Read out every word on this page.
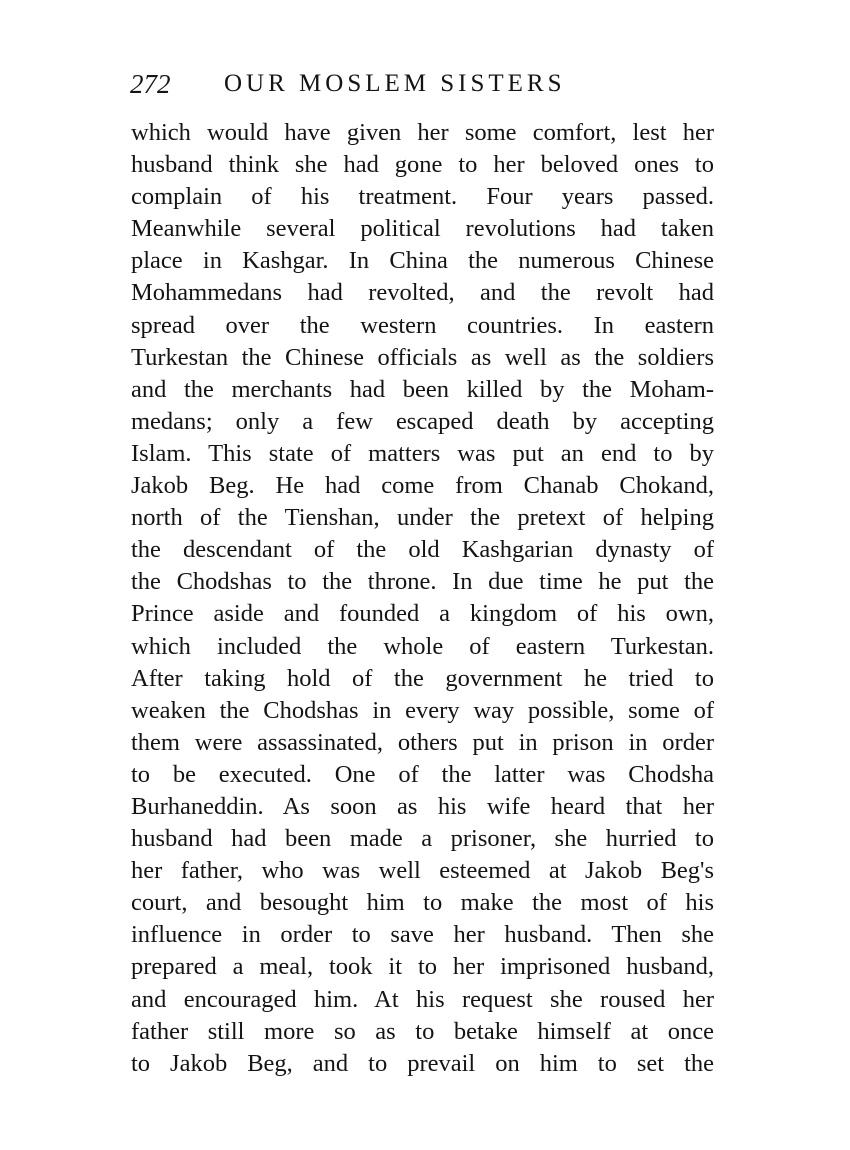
272 OUR MOSLEM SISTERS
which would have given her some comfort, lest her
husband think she had gone to her beloved ones to
complain of his treatment. Four years passed.
Meanwhile several political revolutions had taken
place in Kashgar. In China the numerous Chinese
Mohammedans had revolted, and the revolt had
spread over the western countries. In eastern
Turkestan the Chinese officials as well as the soldiers
and the merchants had been killed by the Moham-
medans; only a few escaped death by accepting
Islam. This state of matters was put an end to by
Jakob Beg. He had come from Chanab Chokand,
north of the Tienshan, under the pretext of helping
the descendant of the old Kashgarian dynasty of
the Chodshas to the throne. In due time he put the
Prince aside and founded a kingdom of his own,
which included the whole of eastern Turkestan.
After taking hold of the government he tried to
weaken the Chodshas in every way possible, some of
them were assassinated, others put in prison in order
to be executed. One of the latter was Chodsha
Burhaneddin. As soon as his wife heard that her
husband had been made a prisoner, she hurried to
her father, who was well esteemed at Jakob Beg's
court, and besought him to make the most of his
influence in order to save her husband. Then she
prepared a meal, took it to her imprisoned husband,
and encouraged him. At his request she roused her
father still more so as to betake himself at once
to Jakob Beg, and to prevail on him to set the
